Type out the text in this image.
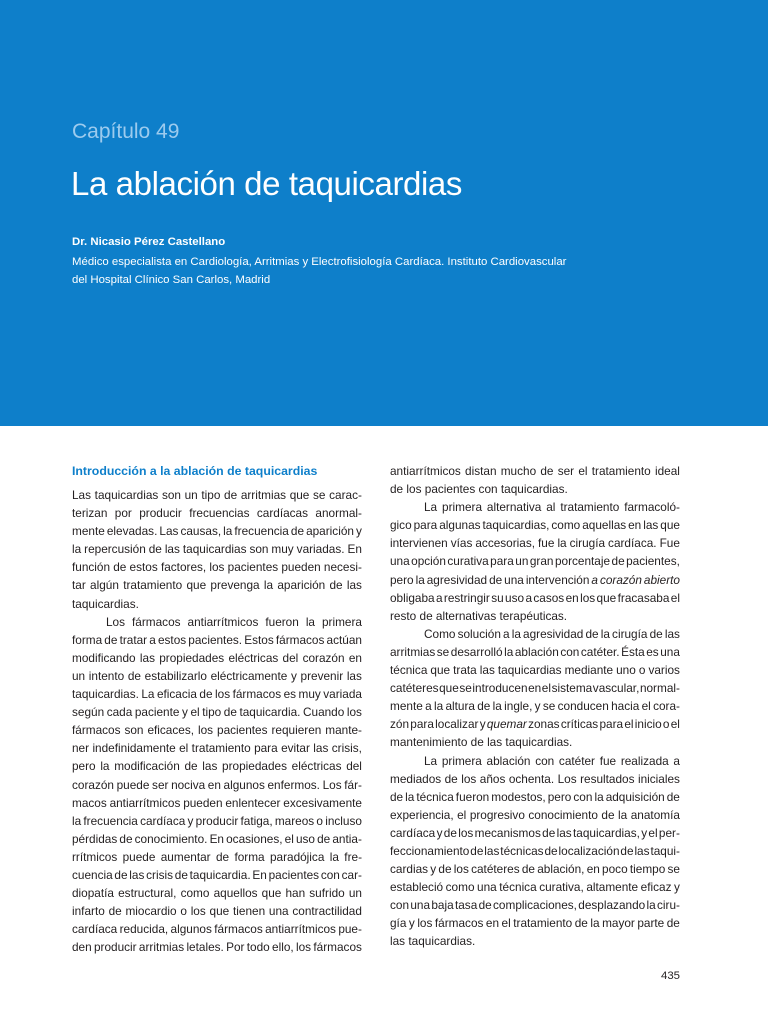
Capítulo 49
La ablación de taquicardias
Dr. Nicasio Pérez Castellano
Médico especialista en Cardiología, Arritmias y Electrofisiología Cardíaca. Instituto Cardiovascular
del Hospital Clínico San Carlos, Madrid
Introducción a la ablación de taquicardias
Las taquicardias son un tipo de arritmias que se carac-
terizan por producir frecuencias cardíacas anormal-
mente elevadas. Las causas, la frecuencia de aparición y
la repercusión de las taquicardias son muy variadas. En
función de estos factores, los pacientes pueden necesi-
tar algún tratamiento que prevenga la aparición de las
taquicardias.
Los fármacos antiarrítmicos fueron la primera
forma de tratar a estos pacientes. Estos fármacos actúan
modificando las propiedades eléctricas del corazón en
un intento de estabilizarlo eléctricamente y prevenir las
taquicardias. La eficacia de los fármacos es muy variada
según cada paciente y el tipo de taquicardia. Cuando los
fármacos son eficaces, los pacientes requieren mante-
ner indefinidamente el tratamiento para evitar las crisis,
pero la modificación de las propiedades eléctricas del
corazón puede ser nociva en algunos enfermos. Los fár-
macos antiarrítmicos pueden enlentecer excesivamente
la frecuencia cardíaca y producir fatiga, mareos o incluso
pérdidas de conocimiento. En ocasiones, el uso de antia-
rrítmicos puede aumentar de forma paradójica la fre-
cuencia de las crisis de taquicardia. En pacientes con car-
diopatía estructural, como aquellos que han sufrido un
infarto de miocardio o los que tienen una contractilidad
cardíaca reducida, algunos fármacos antiarrítmicos pue-
den producir arritmias letales. Por todo ello, los fármacos
antiarrítmicos distan mucho de ser el tratamiento ideal
de los pacientes con taquicardias.
La primera alternativa al tratamiento farmacoló-
gico para algunas taquicardias, como aquellas en las que
intervienen vías accesorias, fue la cirugía cardíaca. Fue
una opción curativa para un gran porcentaje de pacientes,
pero la agresividad de una intervención a corazón abierto
obligaba a restringir su uso a casos en los que fracasaba el
resto de alternativas terapéuticas.
Como solución a la agresividad de la cirugía de las
arritmias se desarrolló la ablación con catéter. Ésta es una
técnica que trata las taquicardias mediante uno o varios
catéteres que se introducen en el sistema vascular, normal-
mente a la altura de la ingle, y se conducen hacia el cora-
zón para localizar y quemar zonas críticas para el inicio o el
mantenimiento de las taquicardias.
La primera ablación con catéter fue realizada a
mediados de los años ochenta. Los resultados iniciales
de la técnica fueron modestos, pero con la adquisición de
experiencia, el progresivo conocimiento de la anatomía
cardíaca y de los mecanismos de las taquicardias, y el per-
feccionamiento de las técnicas de localización de las taqui-
cardias y de los catéteres de ablación, en poco tiempo se
estableció como una técnica curativa, altamente eficaz y
con una baja tasa de complicaciones, desplazando la ciru-
gía y los fármacos en el tratamiento de la mayor parte de
las taquicardias.
435
